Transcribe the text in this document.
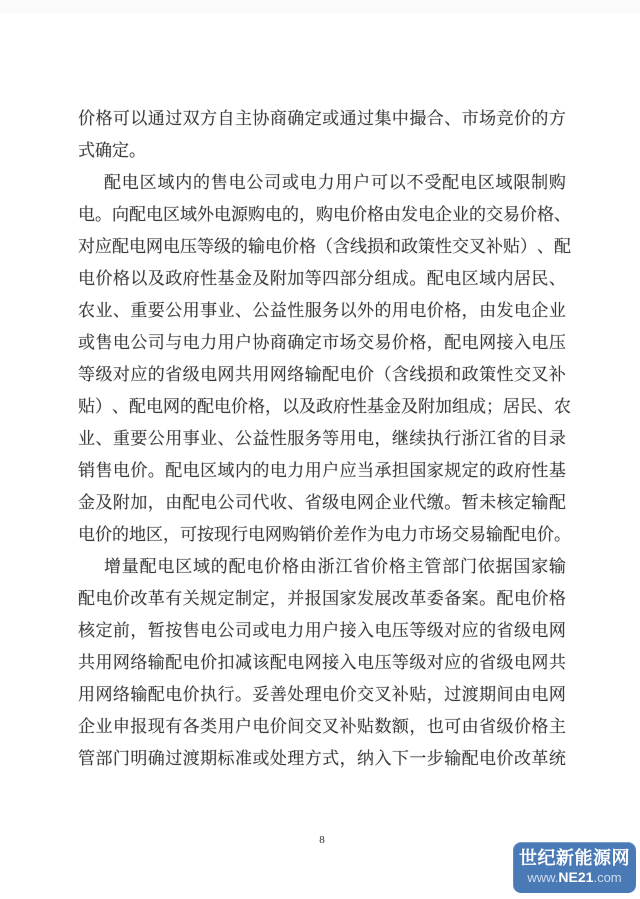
价 格 可 以 通 过 双 方 自 主 协 商 确 定 或 通 过 集 中 撮 合 、 市 场 竞 价 的 方
式确定。
配 电 区 域 内 的 售 电 公 司 或 电 力 用 户 可 以 不 受 配 电 区 域 限 制 购
电 。 向 配 电 区 域 外 电 源 购 电 的 ， 购 电 价 格 由 发 电 企 业 的 交 易 价 格 、
对 应 配 电 网 电 压 等 级 的 输 电 价 格 （ 含 线 损 和 政 策 性 交 叉 补 贴 ） 、 配
电 价 格 以 及 政 府 性 基 金 及 附 加 等 四 部 分 组 成 。 配 电 区 域 内 居 民 、
农 业 、 重 要 公 用 事 业 、 公 益 性 服 务 以 外 的 用 电 价 格 ， 由 发 电 企 业
或 售 电 公 司 与 电 力 用 户 协 商 确 定 市 场 交 易 价 格 ， 配 电 网 接 入 电 压
等 级 对 应 的 省 级 电 网 共 用 网 络 输 配 电 价 （ 含 线 损 和 政 策 性 交 叉 补
贴 ） 、 配 电 网 的 配 电 价 格 ， 以 及 政 府 性 基 金 及 附 加 组 成 ； 居 民 、 农
业 、 重 要 公 用 事 业 、 公 益 性 服 务 等 用 电 ， 继 续 执 行 浙 江 省 的 目 录
销 售 电 价 。 配 电 区 域 内 的 电 力 用 户 应 当 承 担 国 家 规 定 的 政 府 性 基
金 及 附 加 ， 由 配 电 公 司 代 收 、 省 级 电 网 企 业 代 缴 。 暂 未 核 定 输 配
电 价 的 地 区 ， 可 按 现 行 电 网 购 销 价 差 作 为 电 力 市 场 交 易 输 配 电 价 。
增 量 配 电 区 域 的 配 电 价 格 由 浙 江 省 价 格 主 管 部 门 依 据 国 家 输
配 电 价 改 革 有 关 规 定 制 定 ， 并 报 国 家 发 展 改 革 委 备 案 。 配 电 价 格
核 定 前 ， 暂 按 售 电 公 司 或 电 力 用 户 接 入 电 压 等 级 对 应 的 省 级 电 网
共 用 网 络 输 配 电 价 扣 减 该 配 电 网 接 入 电 压 等 级 对 应 的 省 级 电 网 共
用 网 络 输 配 电 价 执 行 。 妥 善 处 理 电 价 交 叉 补 贴 ， 过 渡 期 间 由 电 网
企 业 申 报 现 有 各 类 用 户 电 价 间 交 叉 补 贴 数 额 ， 也 可 由 省 级 价 格 主
管 部 门 明 确 过 渡 期 标 准 或 处 理 方 式 ， 纳 入 下 一 步 输 配 电 价 改 革 统
8
世纪新能源网
www.NE21.com
